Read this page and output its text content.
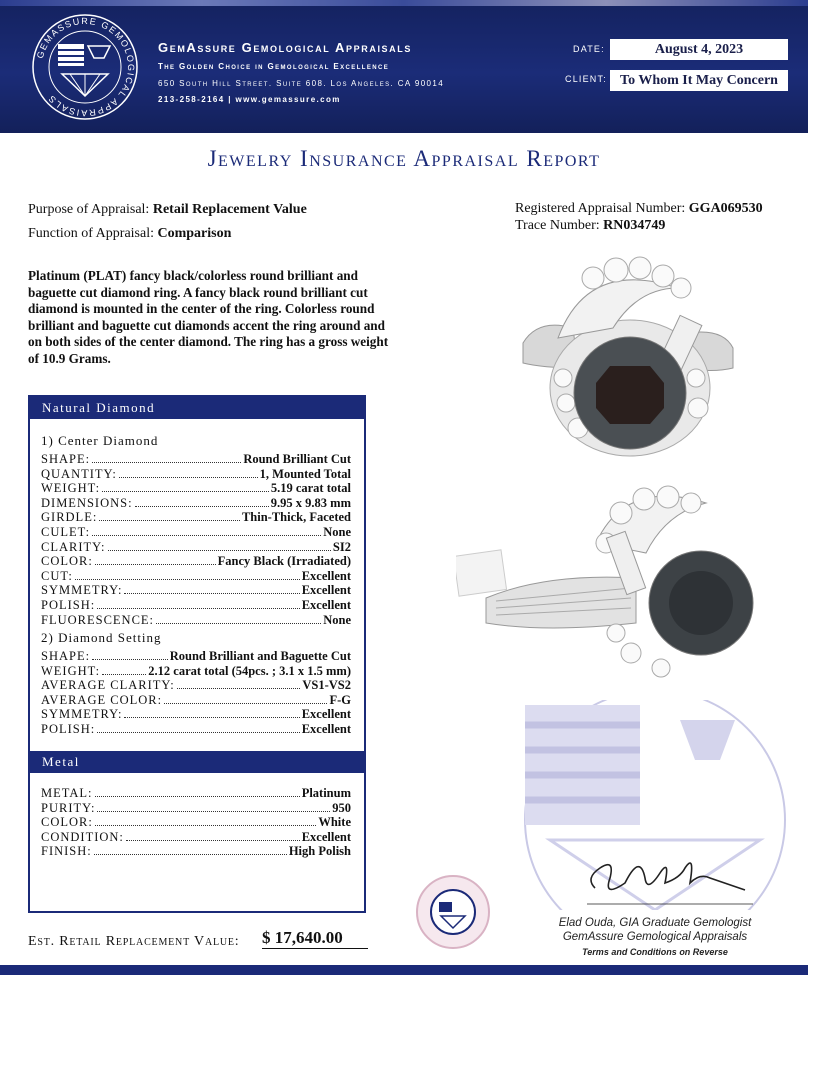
GEMASSURE GEMOLOGICAL APPRAISALS
GemAssure Gemological Appraisals
The Golden Choice in Gemological Excellence
650 South Hill Street. Suite 608. Los Angeles. CA 90014
213-258-2164 | www.gemassure.com
DATE:	August 4, 2023
CLIENT: To Whom It May Concern
Jewelry Insurance Appraisal Report
Purpose of Appraisal: Retail Replacement Value
Function of Appraisal: Comparison
Registered Appraisal Number: GGA069530
Trace Number: RN034749
Platinum (PLAT) fancy black/colorless round brilliant and baguette cut diamond ring. A fancy black round brilliant cut diamond is mounted in the center of the ring. Colorless round brilliant and baguette cut diamonds accent the ring around and on both sides of the center diamond. The ring has a gross weight of 10.9 Grams.
Natural Diamond
1) Center Diamond
SHAPE:	Round Brilliant Cut
QUANTITY:	1, Mounted Total
WEIGHT:	5.19 carat total
DIMENSIONS:	9.95 x 9.83 mm
GIRDLE:	Thin-Thick, Faceted
CULET:	None
CLARITY:	SI2
COLOR:	Fancy Black (Irradiated)
CUT:	Excellent
SYMMETRY:	Excellent
POLISH:	Excellent
FLUORESCENCE:	None
2) Diamond Setting
SHAPE:	Round Brilliant and Baguette Cut
WEIGHT:	2.12 carat total (54pcs. ; 3.1 x 1.5 mm)
AVERAGE CLARITY:	VS1-VS2
AVERAGE COLOR:	F-G
SYMMETRY:	Excellent
POLISH:	Excellent
Metal
METAL:	Platinum
PURITY:	950
COLOR:	White
CONDITION:	Excellent
FINISH:	High Polish
Elad Ouda, GIA Graduate Gemologist
GemAssure Gemological Appraisals
Terms and Conditions on Reverse
Est. Retail Replacement Value: $ 17,640.00
